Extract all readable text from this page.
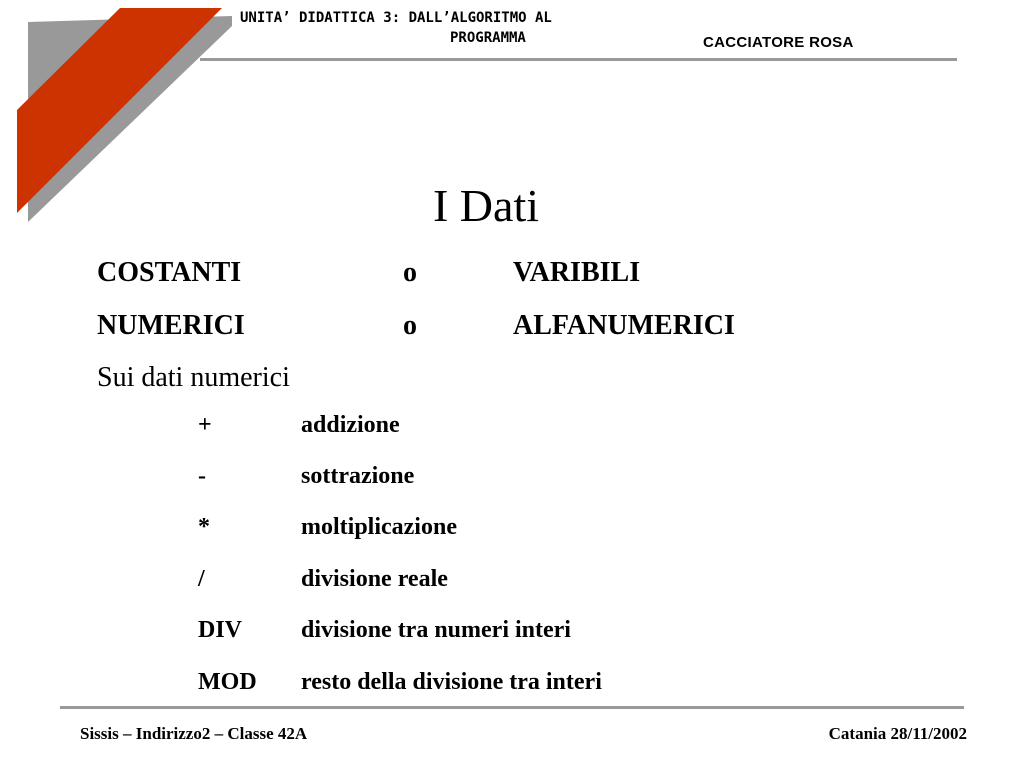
UNITA’ DIDATTICA 3: DALL’ALGORITMO AL
PROGRAMMA	CACCIATORE ROSA
I Dati
COSTANTI	o	VARIBILI
NUMERICI	o	ALFANUMERICI
Sui dati numerici
+	addizione
-	sottrazione
*	moltiplicazione
/	divisione reale
DIV divisione tra numeri interi
MOD resto della divisione tra interi
Sissis – Indirizzo2 – Classe 42A	Catania 28/11/2002
